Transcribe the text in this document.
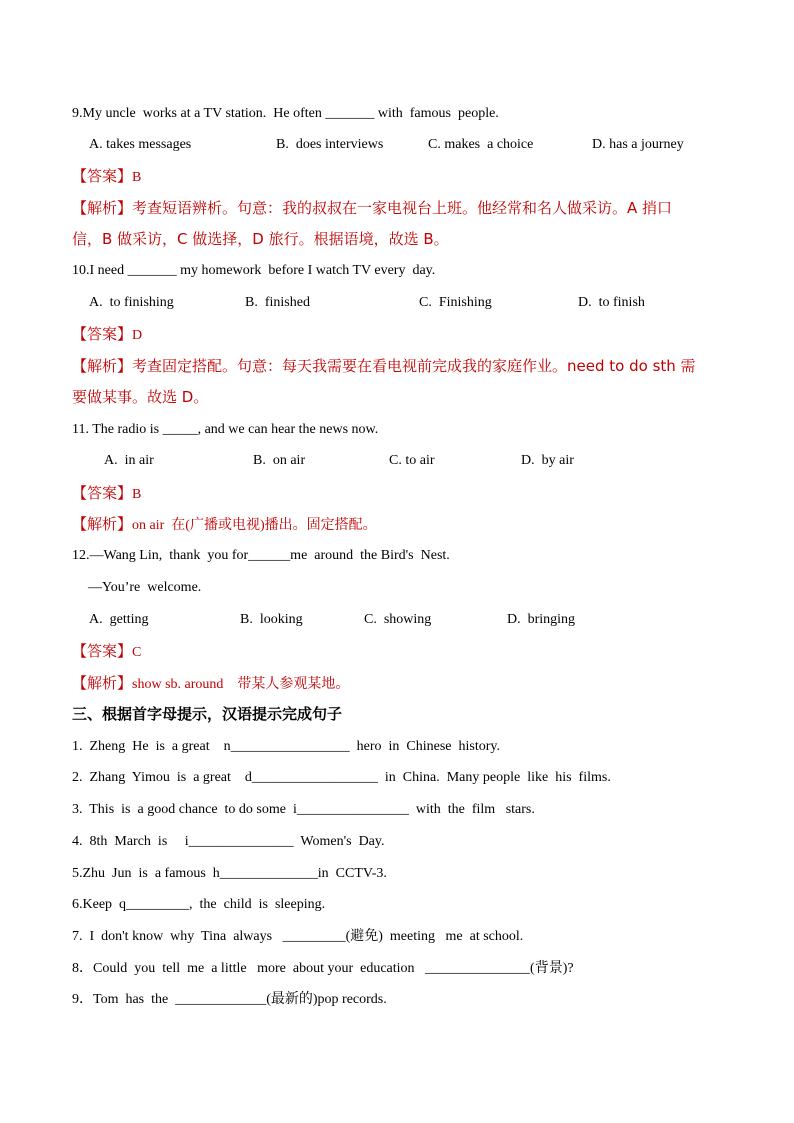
9.My uncle  works at a TV station.  He often _______ with  famous  people.
A. takes messages	B.  does interviews	C. makes  a choice	D. has a journey
【答案】B
【解析】考查短语辨析。句意：我的叔叔在一家电视台上班。他经常和名人做采访。A 捎口
信，B 做采访，C 做选择，D 旅行。根据语境，故选 B。
10.I need _______ my homework  before I watch TV every  day.
A.  to finishing	B.  finished	C.  Finishing	D.  to finish
【答案】D
【解析】考查固定搭配。句意：每天我需要在看电视前完成我的家庭作业。need to do sth 需
要做某事。故选 D。
11. The radio is _____, and we can hear the news now.
A.  in air	B.  on air	C. to air	D.  by air
【答案】B
【解析】on air  在(广播或电视)播出。固定搭配。
12.—Wang Lin,  thank  you for______me  around  the Bird's  Nest.
—You’re  welcome.
A.  getting	B.  looking	C.  showing	D.  bringing
【答案】C
【解析】show sb. around    带某人参观某地。
三、根据首字母提示，汉语提示完成句子
1.  Zheng  He  is  a great    n_________________  hero  in  Chinese  history.
2.  Zhang  Yimou  is  a great    d__________________  in  China.  Many people  like  his  films.
3.  This  is  a good chance  to do some  i________________  with  the  film   stars.
4.  8th  March  is     i_______________  Women's  Day.
5.Zhu  Jun  is  a famous  h______________in  CCTV-3.
6.Keep  q_________,  the  child  is  sleeping.
7.  I  don't know  why  Tina  always   _________(避免)  meeting   me  at school.
8．Could  you  tell  me  a little   more  about your  education   _______________(背景)?
9．Tom  has  the  _____________(最新的)pop records.
